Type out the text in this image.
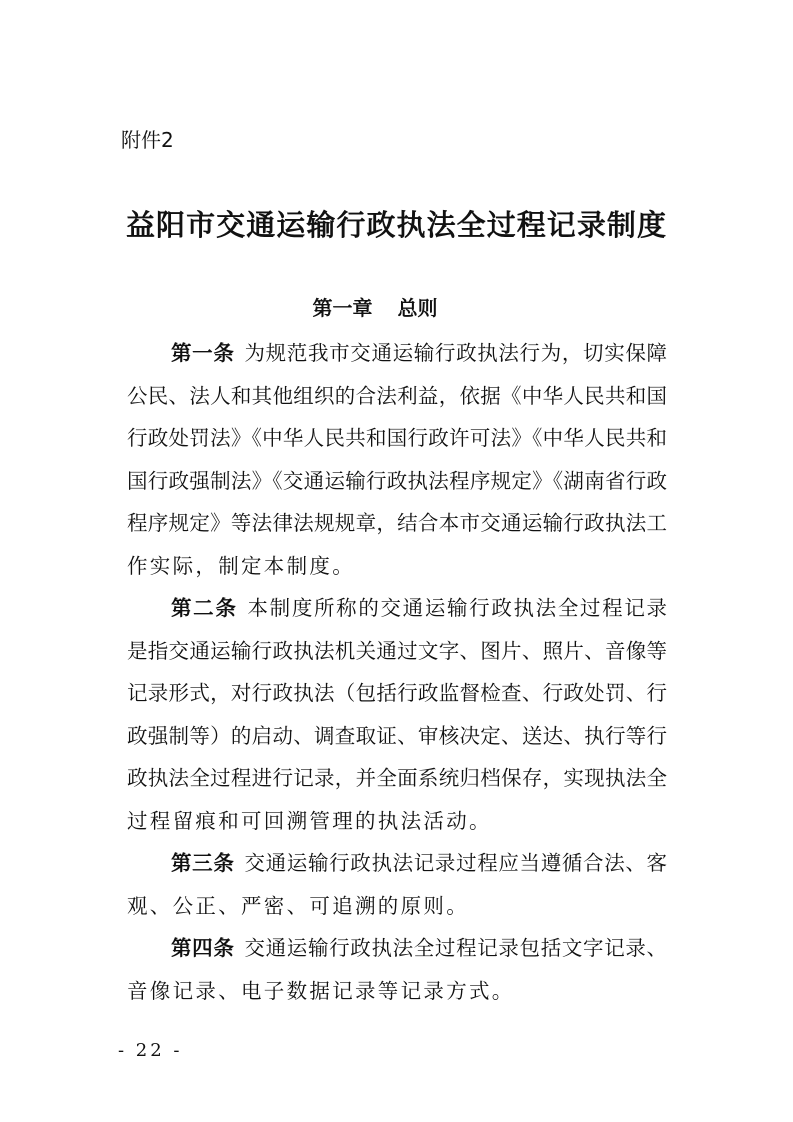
附件2
益阳市交通运输行政执法全过程记录制度
第一章 总则
第一条 为规范我市交通运输行政执法行为，切实保障
公民、法人和其他组织的合法利益，依据《中华人民共和国
行政处罚法》《中华人民共和国行政许可法》《中华人民共和
国行政强制法》《交通运输行政执法程序规定》《湖南省行政
程序规定》等法律法规规章，结合本市交通运输行政执法工
作实际，制定本制度。
第二条 本制度所称的交通运输行政执法全过程记录
是指交通运输行政执法机关通过文字、图片、照片、音像等
记录形式，对行政执法（包括行政监督检查、行政处罚、行
政强制等）的启动、调查取证、审核决定、送达、执行等行
政执法全过程进行记录，并全面系统归档保存，实现执法全
过程留痕和可回溯管理的执法活动。
第三条 交通运输行政执法记录过程应当遵循合法、客
观、公正、严密、可追溯的原则。
第四条 交通运输行政执法全过程记录包括文字记录、
音像记录、电子数据记录等记录方式。
- 22 -
